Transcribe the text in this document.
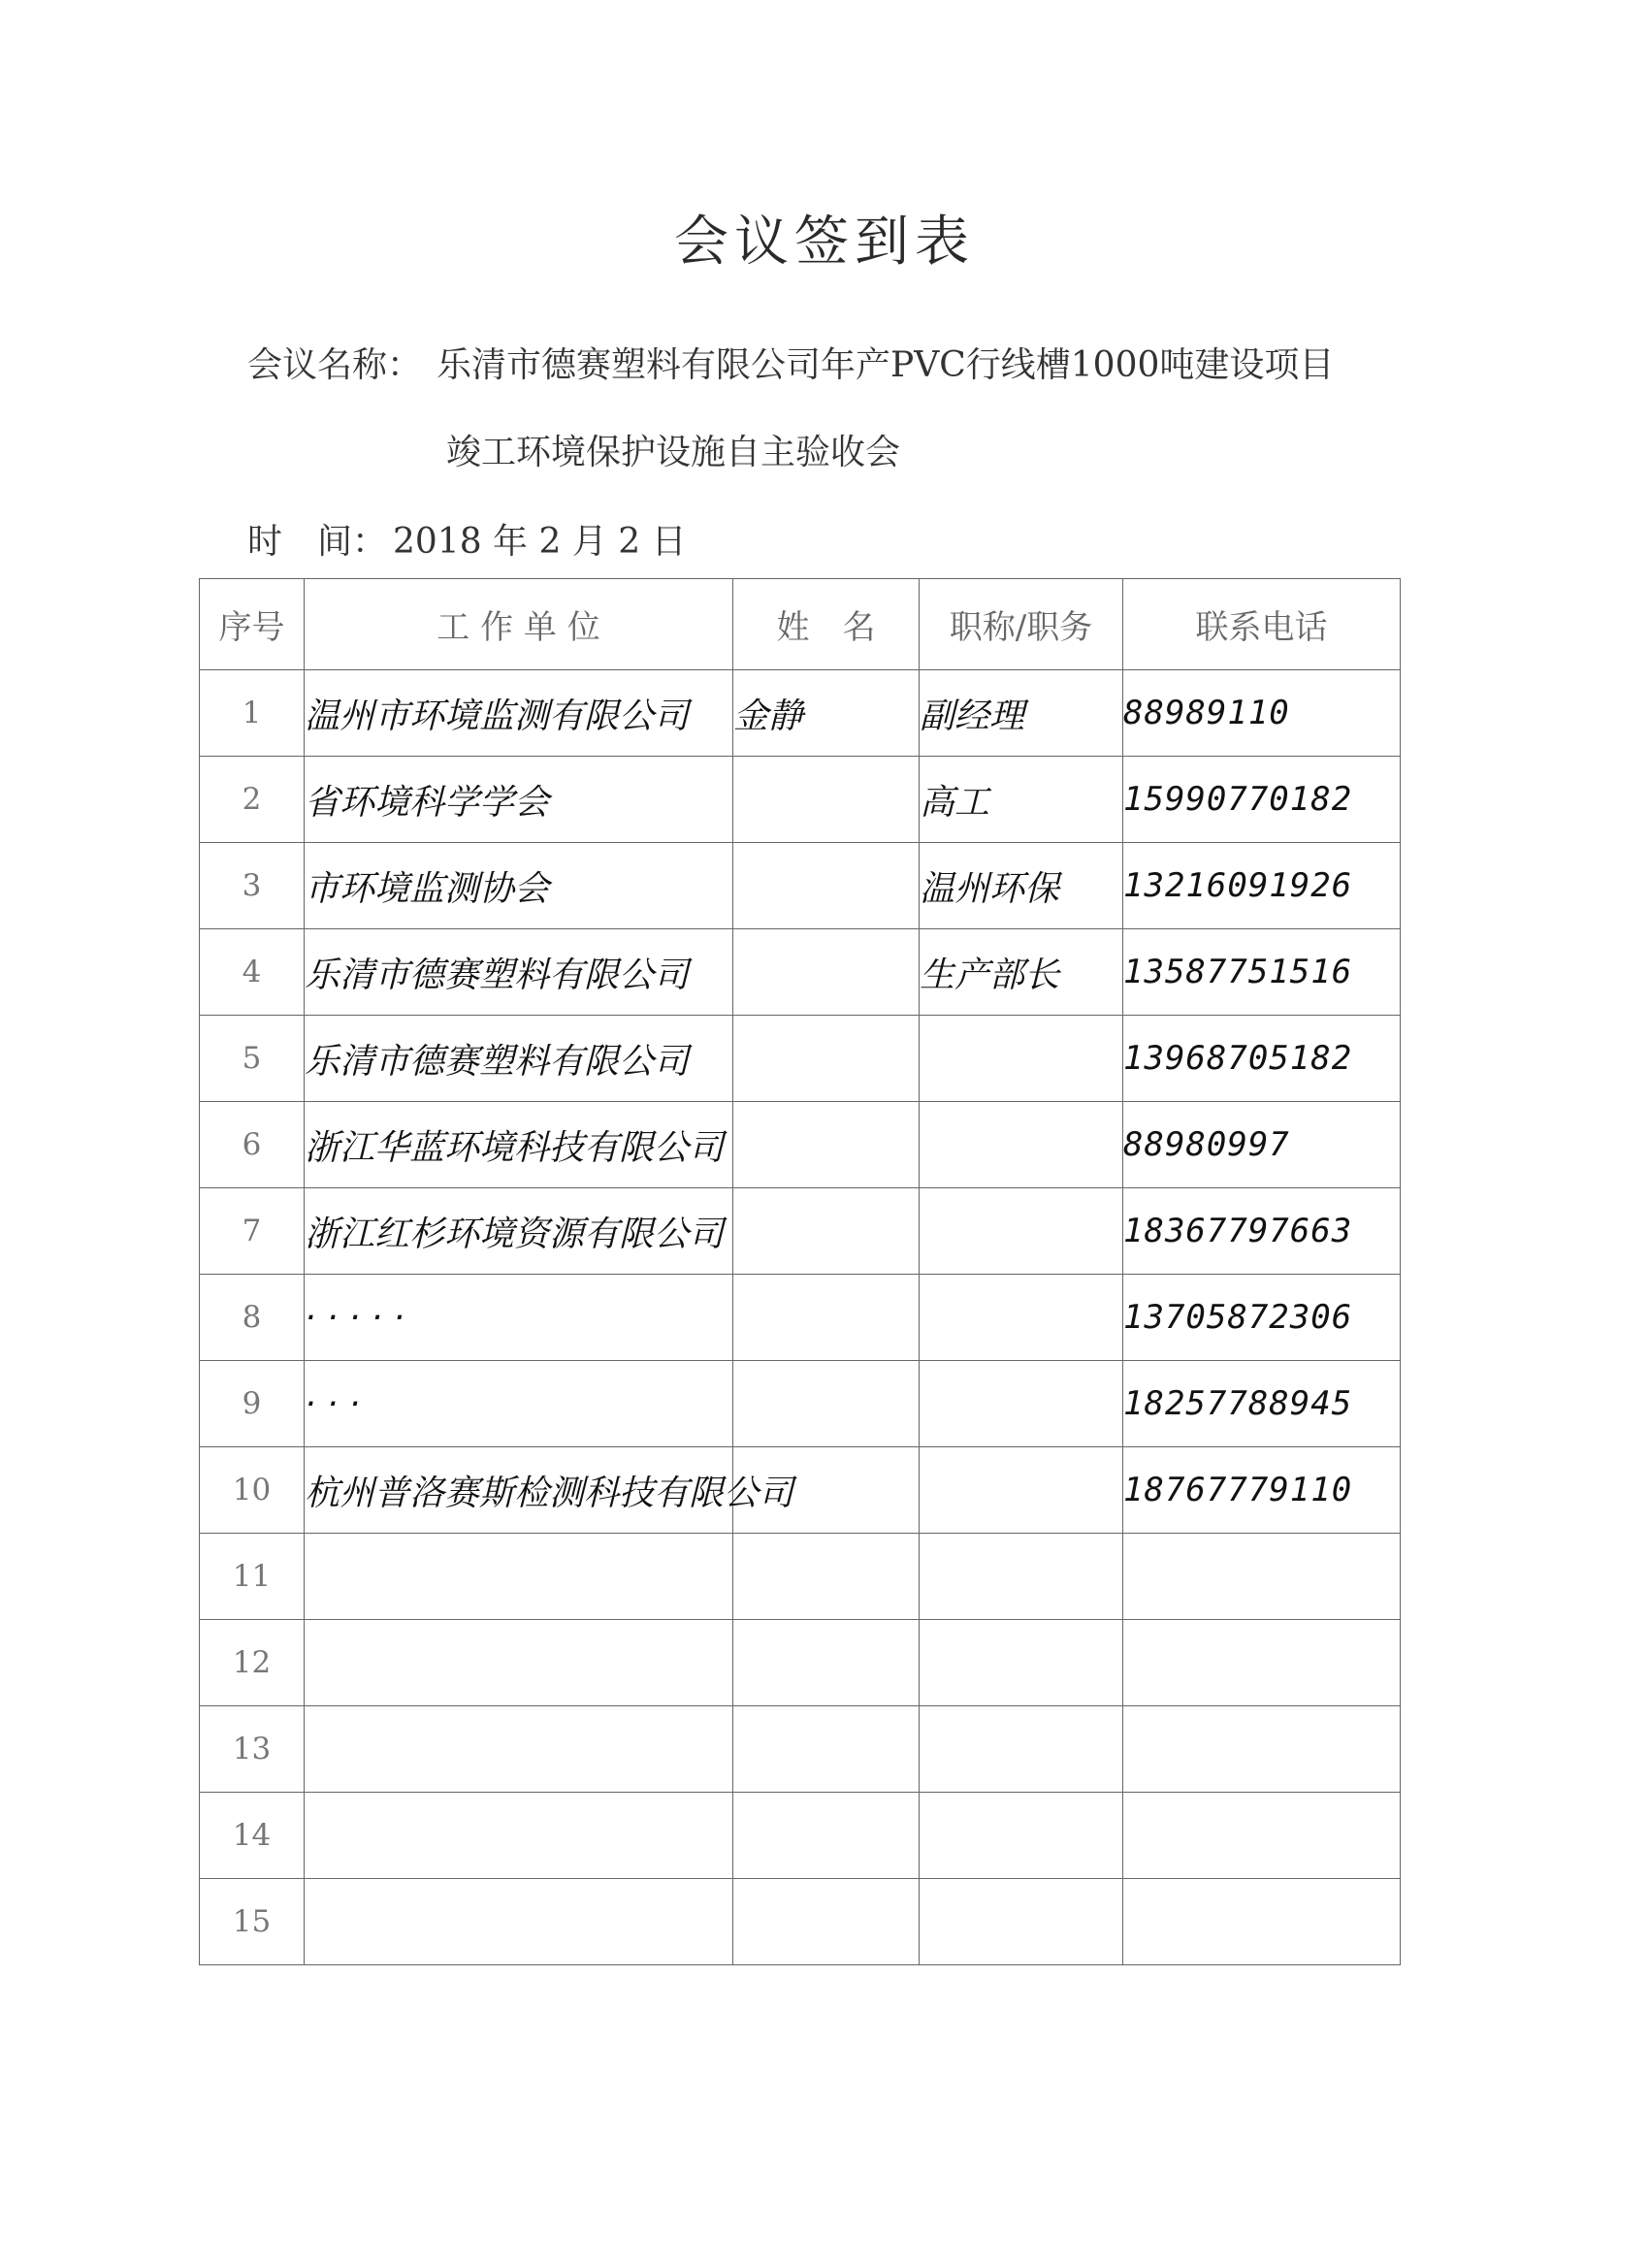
会议签到表
会议名称： 乐清市德赛塑料有限公司年产PVC行线槽1000吨建设项目
竣工环境保护设施自主验收会
时　间： 2018 年 2 月 2 日
序号	工 作 单 位	姓　名	职称/职务	联系电话
1	温州市环境监测有限公司	金静	副经理	88989110
2	省环境科学学会		高工	15990770182
3	市环境监测协会		温州环保	13216091926
4	乐清市德赛塑料有限公司		生产部长	13587751516
5	乐清市德赛塑料有限公司			13968705182
6	浙江华蓝环境科技有限公司			88980997
7	浙江红杉环境资源有限公司			18367797663
8	· · · · ·			13705872306
9	· · ·			18257788945
10	杭州普洛赛斯检测科技有限公司			18767779110
11				
12				
13				
14				
15				
